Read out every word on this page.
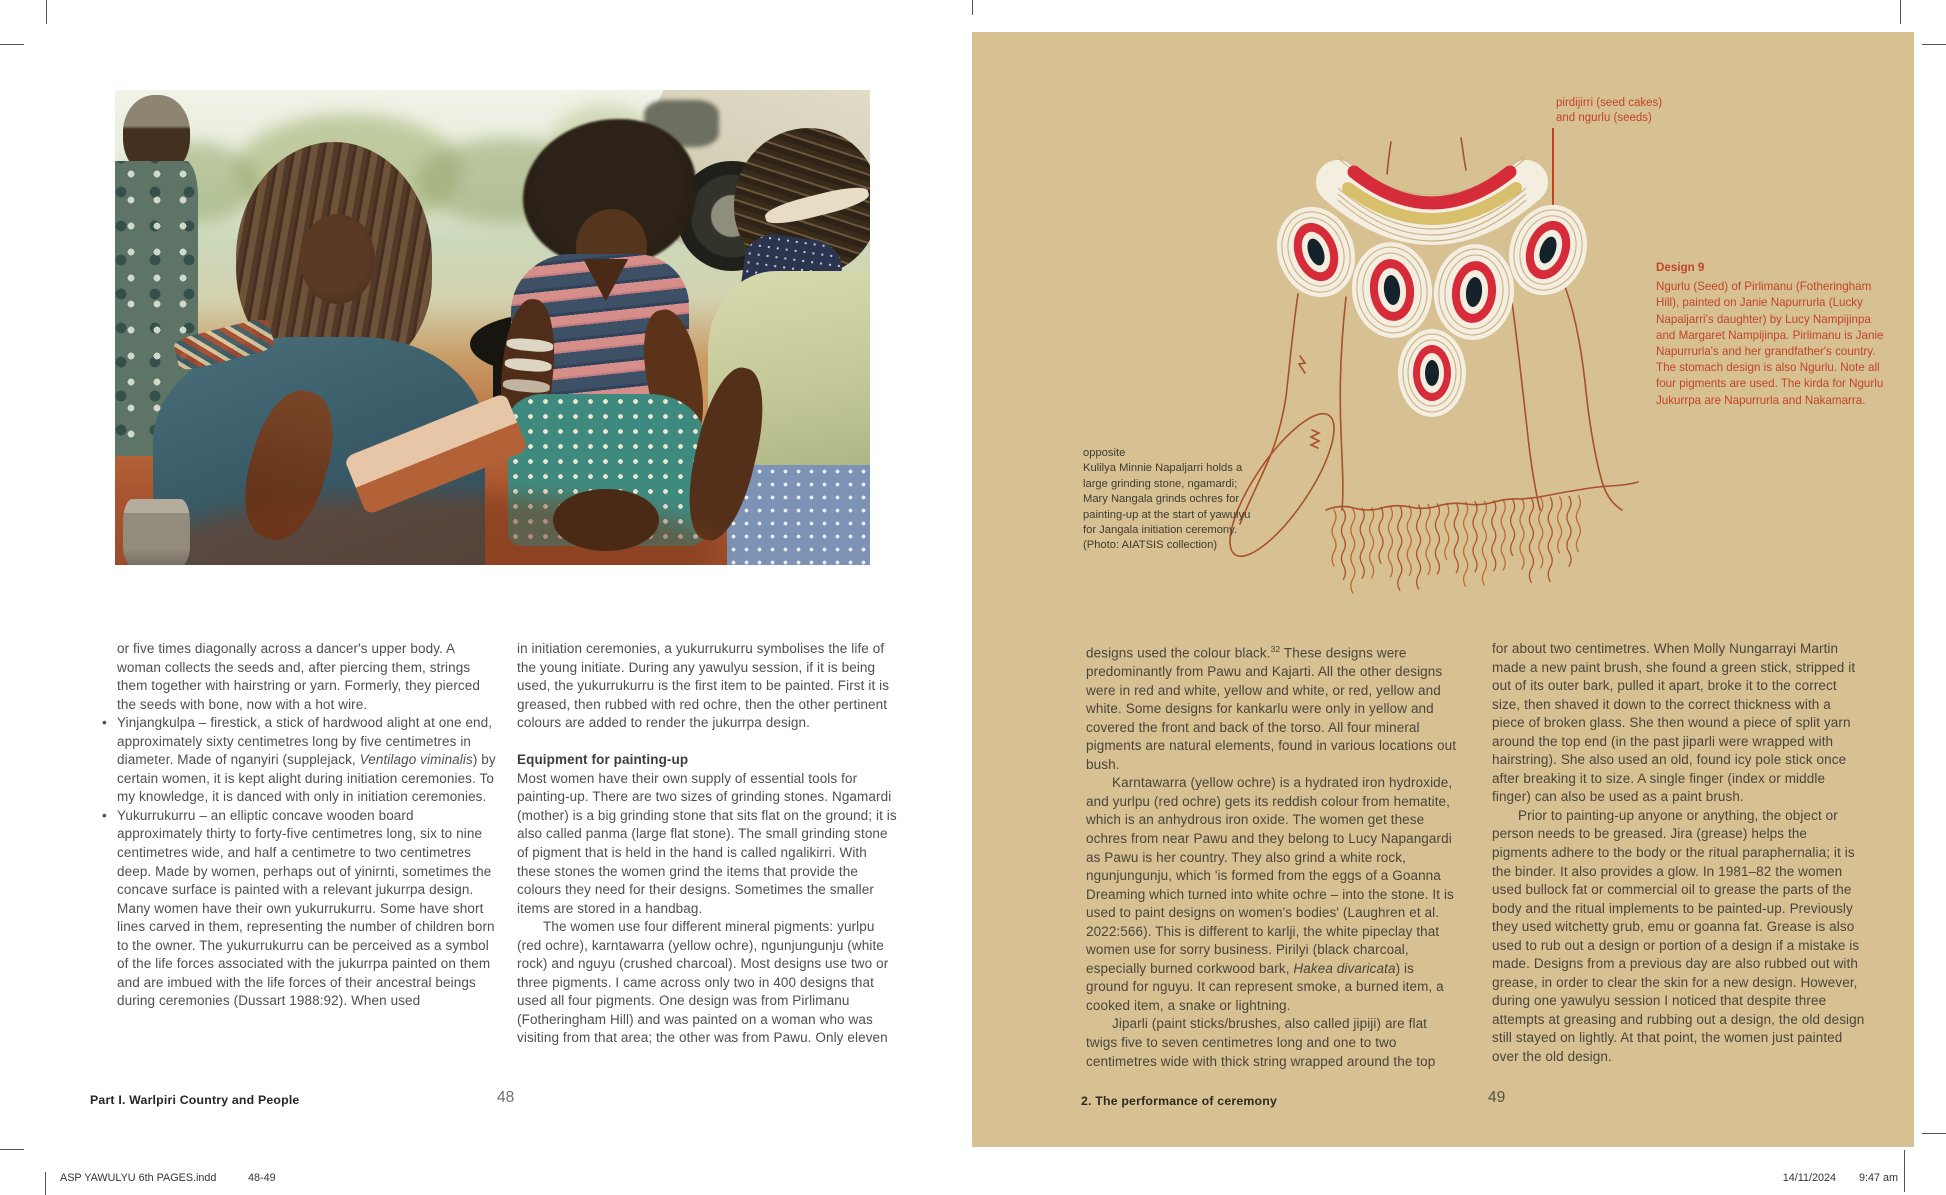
or five times diagonally across a dancer's upper body. A woman collects the seeds and, after piercing them, strings them together with hairstring or yarn. Formerly, they pierced the seeds with bone, now with a hot wire.
• Yinjangkulpa – firestick, a stick of hardwood alight at one end, approximately sixty centimetres long by five centimetres in diameter. Made of nganyiri (supplejack, Ventilago viminalis) by certain women, it is kept alight during initiation ceremonies. To my knowledge, it is danced with only in initiation ceremonies.
• Yukurrukurru – an elliptic concave wooden board approximately thirty to forty-five centimetres long, six to nine centimetres wide, and half a centimetre to two centimetres deep. Made by women, perhaps out of yinirnti, sometimes the concave surface is painted with a relevant jukurrpa design. Many women have their own yukurrukurru. Some have short lines carved in them, representing the number of children born to the owner. The yukurrukurru can be perceived as a symbol of the life forces associated with the jukurrpa painted on them and are imbued with the life forces of their ancestral beings during ceremonies (Dussart 1988:92). When used
in initiation ceremonies, a yukurrukurru symbolises the life of the young initiate. During any yawulyu session, if it is being used, the yukurrukurru is the first item to be painted. First it is greased, then rubbed with red ochre, then the other pertinent colours are added to render the jukurrpa design.
Equipment for painting-up
Most women have their own supply of essential tools for painting-up. There are two sizes of grinding stones. Ngamardi (mother) is a big grinding stone that sits flat on the ground; it is also called panma (large flat stone). The small grinding stone of pigment that is held in the hand is called ngalikirri. With these stones the women grind the items that provide the colours they need for their designs. Sometimes the smaller items are stored in a handbag.
The women use four different mineral pigments: yurlpu (red ochre), karntawarra (yellow ochre), ngunjungunju (white rock) and nguyu (crushed charcoal). Most designs use two or three pigments. I came across only two in 400 designs that used all four pigments. One design was from Pirlimanu (Fotheringham Hill) and was painted on a woman who was visiting from that area; the other was from Pawu. Only eleven
Part I. Warlpiri Country and People	48
pirdijirri (seed cakes)
and ngurlu (seeds)
Design 9
Ngurlu (Seed) of Pirlimanu (Fotheringham Hill), painted on Janie Napurrurla (Lucky Napaljarri's daughter) by Lucy Nampijinpa and Margaret Nampijinpa. Pirlimanu is Janie Napurrurla's and her grandfather's country. The stomach design is also Ngurlu. Note all four pigments are used. The kirda for Ngurlu Jukurrpa are Napurrurla and Nakamarra.
opposite
Kulilya Minnie Napaljarri holds a large grinding stone, ngamardi; Mary Nangala grinds ochres for painting-up at the start of yawulyu for Jangala initiation ceremony. (Photo: AIATSIS collection)
designs used the colour black.$^{32}$ These designs were predominantly from Pawu and Kajarti. All the other designs were in red and white, yellow and white, or red, yellow and white. Some designs for kankarlu were only in yellow and covered the front and back of the torso. All four mineral pigments are natural elements, found in various locations out bush.
Karntawarra (yellow ochre) is a hydrated iron hydroxide, and yurlpu (red ochre) gets its reddish colour from hematite, which is an anhydrous iron oxide. The women get these ochres from near Pawu and they belong to Lucy Napangardi as Pawu is her country. They also grind a white rock, ngunjungunju, which 'is formed from the eggs of a Goanna Dreaming which turned into white ochre – into the stone. It is used to paint designs on women's bodies' (Laughren et al. 2022:566). This is different to karlji, the white pipeclay that women use for sorry business. Pirilyi (black charcoal, especially burned corkwood bark, Hakea divaricata) is ground for nguyu. It can represent smoke, a burned item, a cooked item, a snake or lightning.
Jiparli (paint sticks/brushes, also called jipiji) are flat twigs five to seven centimetres long and one to two centimetres wide with thick string wrapped around the top
for about two centimetres. When Molly Nungarrayi Martin made a new paint brush, she found a green stick, stripped it out of its outer bark, pulled it apart, broke it to the correct size, then shaved it down to the correct thickness with a piece of broken glass. She then wound a piece of split yarn around the top end (in the past jiparli were wrapped with hairstring). She also used an old, found icy pole stick once after breaking it to size. A single finger (index or middle finger) can also be used as a paint brush.
Prior to painting-up anyone or anything, the object or person needs to be greased. Jira (grease) helps the pigments adhere to the body or the ritual paraphernalia; it is the binder. It also provides a glow. In 1981–82 the women used bullock fat or commercial oil to grease the parts of the body and the ritual implements to be painted-up. Previously they used witchetty grub, emu or goanna fat. Grease is also used to rub out a design or portion of a design if a mistake is made. Designs from a previous day are also rubbed out with grease, in order to clear the skin for a new design. However, during one yawulyu session I noticed that despite three attempts at greasing and rubbing out a design, the old design still stayed on lightly. At that point, the women just painted over the old design.
2. The performance of ceremony	49
ASP YAWULYU 6th PAGES.indd	48-49	14/11/2024 9:47 am
